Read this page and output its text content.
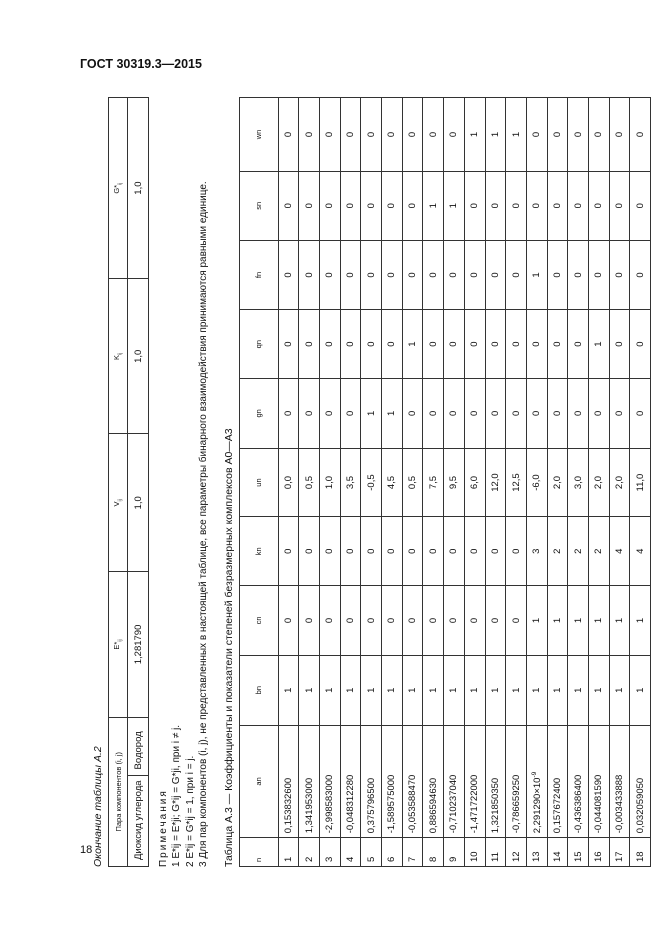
ГОСТ 30319.3—2015
Окончание таблицы А.2	Пара компонентов (i, j)		$E*_{ij}$	$V_{ij}$	$K_{ij}$	$G*_{ij}$
Диоксид углерода	Водород	1,281790	1,0	1,0	1,0
Примечания 1 E*ij = E*ji; G*ij = G*ji, при i ≠ j. 2 E*ij = G*ij = 1, при i = j. 3 Для пар компонентов (i, j), не представленных в настоящей таблице, все параметры бинарного взаимодействия принимаются равными единице.	Таблица А.3 — Коэффициенты и показатели степеней безразмерных комплексов A0—A3	n	an	bn	cn	kn	un	gn	qn	fn	sn	wn
1	0,153832600	1	0	0	0,0	0	0	0	0	0
2	1,341953000	1	0	0	0,5	0	0	0	0	0
3	-2,998583000	1	0	0	1,0	0	0	0	0	0
4	-0,048312280	1	0	0	3,5	0	0	0	0	0
5	0,375796500	1	0	0	-0,5	1	0	0	0	0
6	-1,589575000	1	0	0	4,5	1	0	0	0	0
7	-0,053588470	1	0	0	0,5	0	1	0	0	0
8	0,886594630	1	0	0	7,5	0	0	0	1	0
9	-0,710237040	1	0	0	9,5	0	0	0	1	0
10	-1,471722000	1	0	0	6,0	0	0	0	0	1
11	1,321850350	1	0	0	12,0	0	0	0	0	1
12	-0,786659250	1	0	0	12,5	0	0	0	0	1
13	$2,291290\times 10^{-9}$	1	1	3	-6,0	0	0	1	0	0
14	0,157672400	1	1	2	2,0	0	0	0	0	0
15	-0,436386400	1	1	2	3,0	0	0	0	0	0
16	-0,044081590	1	1	2	2,0	0	1	0	0	0
17	-0,003433888	1	1	4	2,0	0	0	0	0	0
18	0,032059050	1	1	4	11,0	0	0	0	0	0
18
